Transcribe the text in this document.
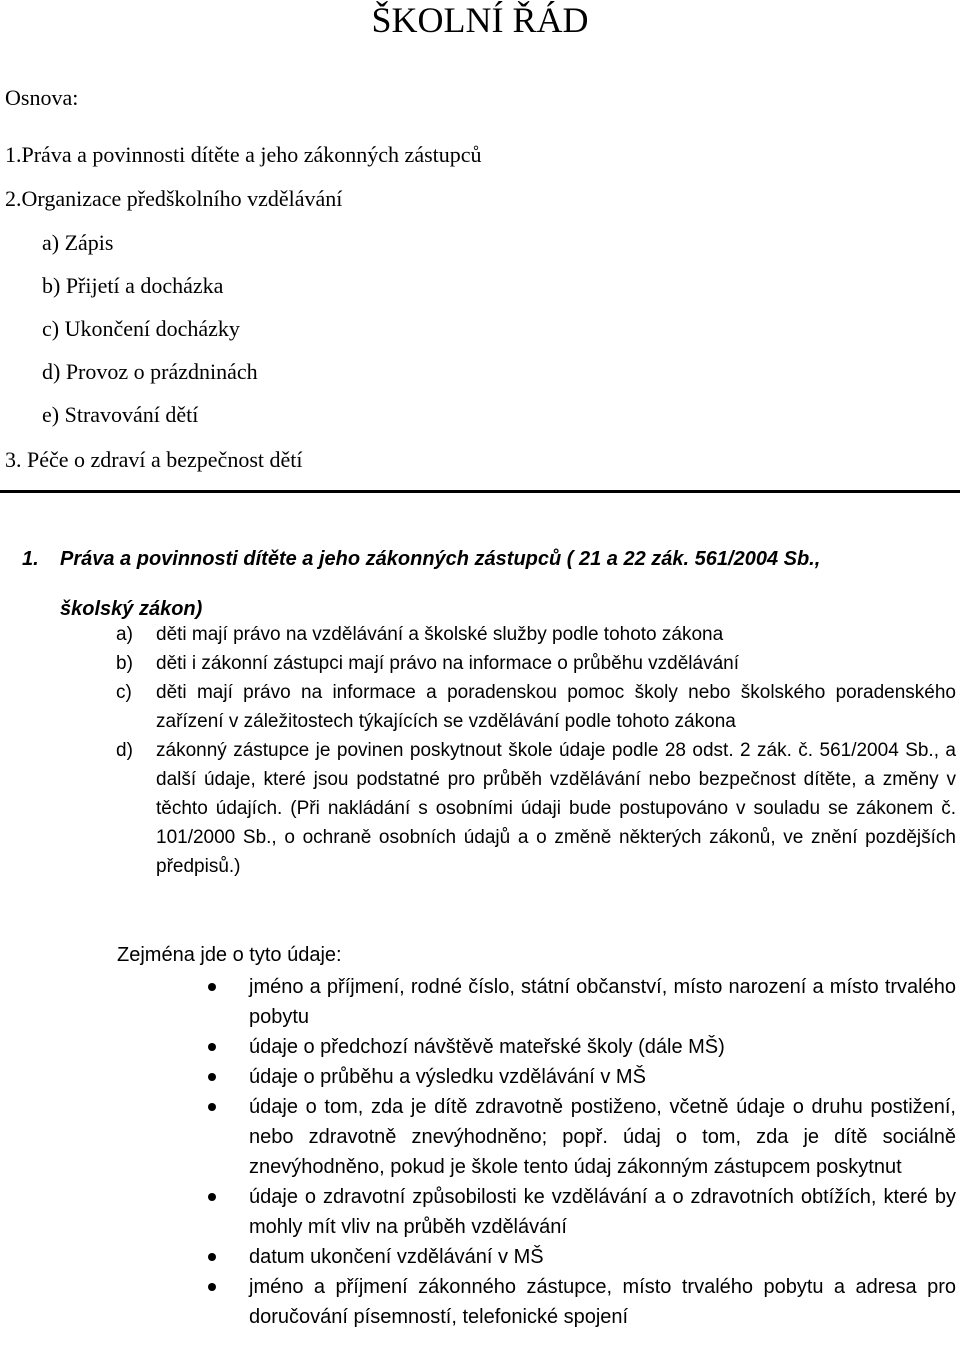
ŠKOLNÍ ŘÁD
Osnova:
1.Práva a povinnosti dítěte a jeho zákonných zástupců
2.Organizace předškolního vzdělávání
a) Zápis
b) Přijetí a docházka
c) Ukončení docházky
d) Provoz o prázdninách
e) Stravování dětí
3. Péče o zdraví a bezpečnost dětí
1. Práva a povinnosti dítěte a jeho zákonných zástupců ( 21 a 22 zák. 561/2004 Sb.,
školský zákon)
a) děti mají právo na vzdělávání a školské služby podle tohoto zákona
b) děti i zákonní zástupci mají právo na informace o průběhu vzdělávání
c) děti mají právo na informace a poradenskou pomoc školy nebo školského poradenského zařízení v záležitostech týkajících se vzdělávání podle tohoto zákona
d) zákonný zástupce je povinen poskytnout škole údaje podle 28 odst. 2 zák. č. 561/2004 Sb., a další údaje, které jsou podstatné pro průběh vzdělávání nebo bezpečnost dítěte, a změny v těchto údajích. (Při nakládání s osobními údaji bude postupováno v souladu se zákonem č. 101/2000 Sb., o ochraně osobních údajů a o změně některých zákonů, ve znění pozdějších předpisů.)
Zejména jde o tyto údaje:
jméno a příjmení, rodné číslo, státní občanství, místo narození a místo trvalého pobytu
údaje o předchozí návštěvě mateřské školy (dále MŠ)
údaje o průběhu a výsledku vzdělávání v MŠ
údaje o tom, zda je dítě zdravotně postiženo, včetně údaje o druhu postižení, nebo zdravotně znevýhodněno; popř. údaj o tom, zda je dítě sociálně znevýhodněno, pokud je škole tento údaj zákonným zástupcem poskytnut
údaje o zdravotní způsobilosti ke vzdělávání a o zdravotních obtížích, které by mohly mít vliv na průběh vzdělávání
datum ukončení vzdělávání v MŠ
jméno a příjmení zákonného zástupce, místo trvalého pobytu a adresa pro doručování písemností, telefonické spojení
